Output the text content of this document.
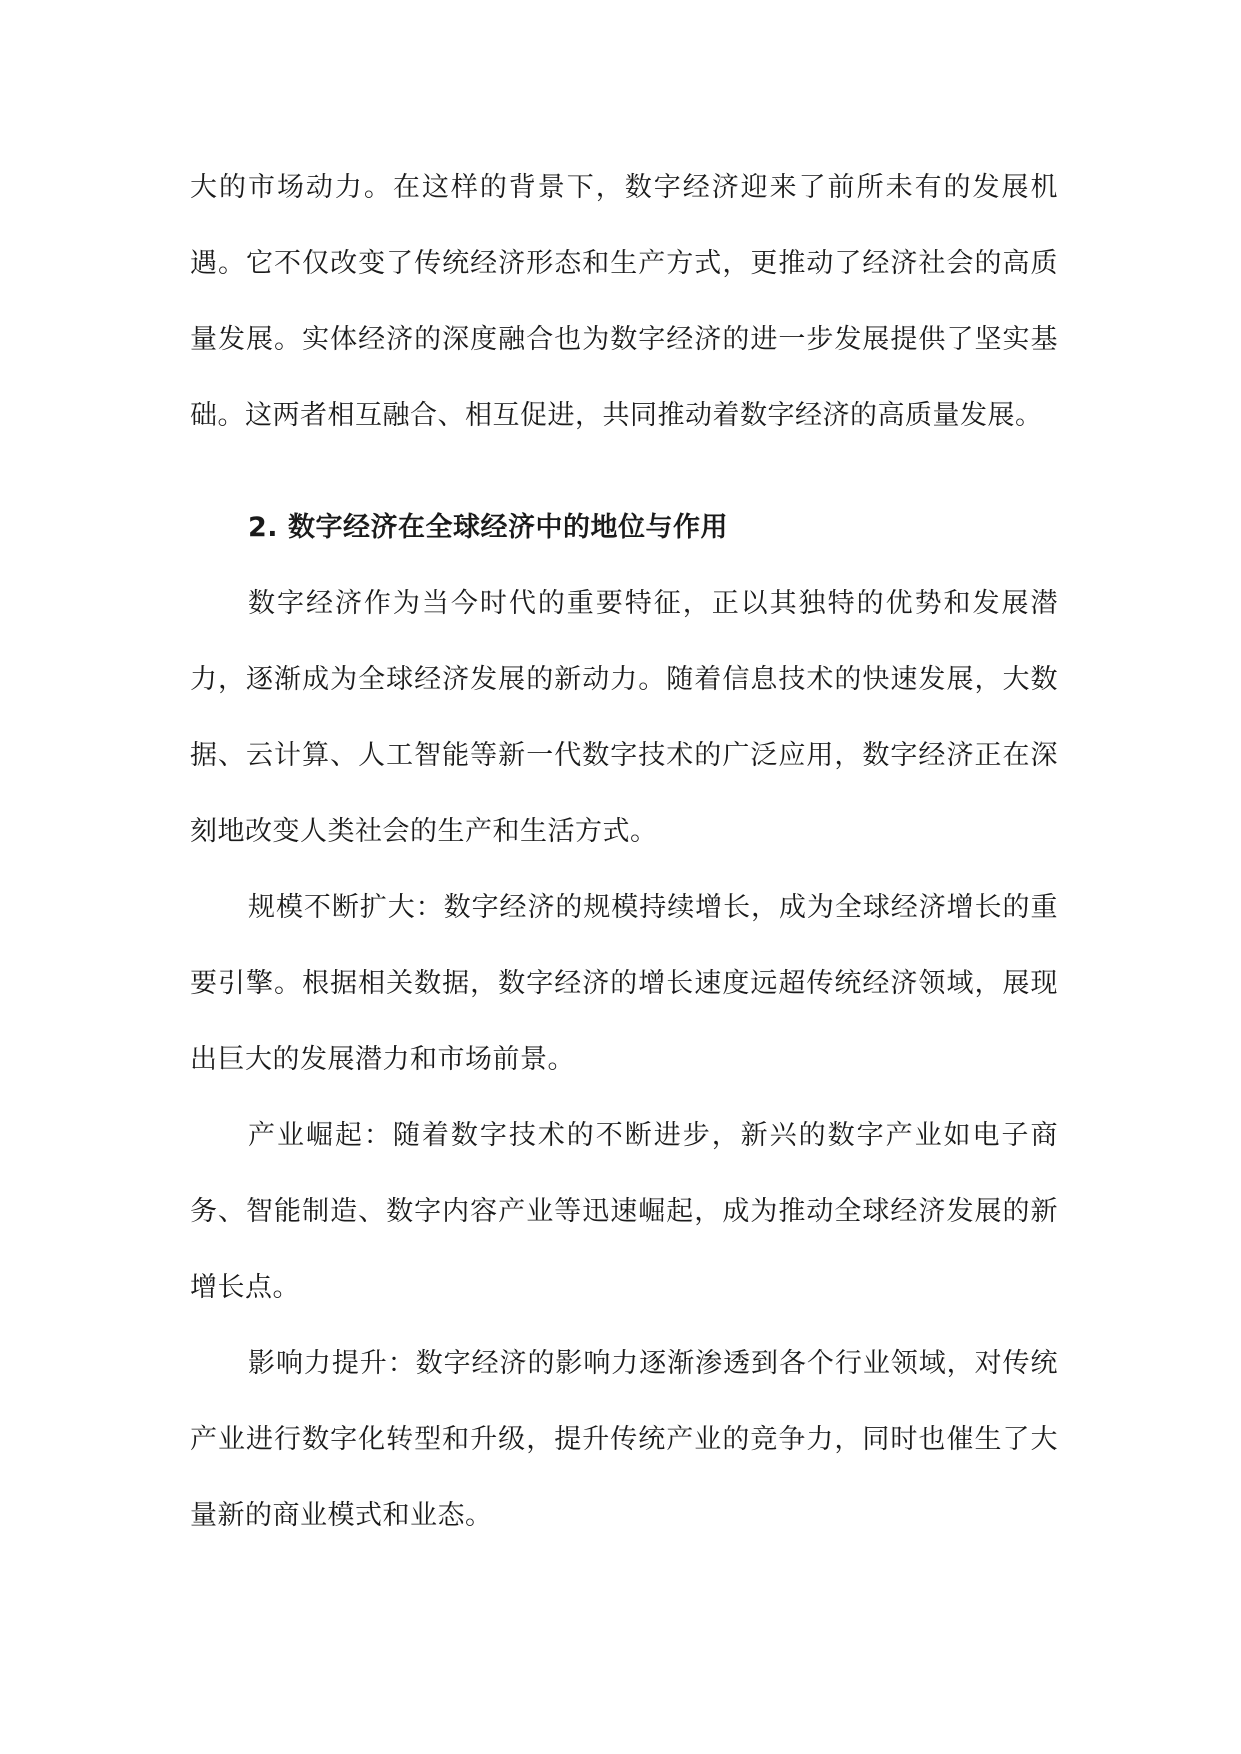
大的市场动力。在这样的背景下，数字经济迎来了前所未有的发展机遇。它不仅改变了传统经济形态和生产方式，更推动了经济社会的高质量发展。实体经济的深度融合也为数字经济的进一步发展提供了坚实基础。这两者相互融合、相互促进，共同推动着数字经济的高质量发展。

2. 数字经济在全球经济中的地位与作用

数字经济作为当今时代的重要特征，正以其独特的优势和发展潜力，逐渐成为全球经济发展的新动力。随着信息技术的快速发展，大数据、云计算、人工智能等新一代数字技术的广泛应用，数字经济正在深刻地改变人类社会的生产和生活方式。

规模不断扩大：数字经济的规模持续增长，成为全球经济增长的重要引擎。根据相关数据，数字经济的增长速度远超传统经济领域，展现出巨大的发展潜力和市场前景。

产业崛起：随着数字技术的不断进步，新兴的数字产业如电子商务、智能制造、数字内容产业等迅速崛起，成为推动全球经济发展的新增长点。

影响力提升：数字经济的影响力逐渐渗透到各个行业领域，对传统产业进行数字化转型和升级，提升传统产业的竞争力，同时也催生了大量新的商业模式和业态。
